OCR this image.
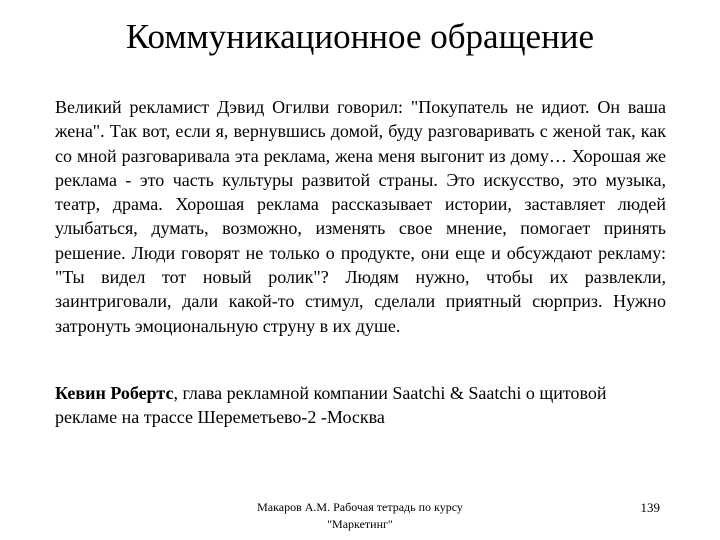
Коммуникационное обращение

Великий рекламист Дэвид Огилви говорил: "Покупатель не идиот. Он ваша жена". Так вот, если я, вернувшись домой, буду разговаривать с женой так, как со мной разговаривала эта реклама, жена меня выгонит из дому… Хорошая же реклама - это часть культуры развитой страны. Это искусство, это музыка, театр, драма. Хорошая реклама рассказывает истории, заставляет людей улыбаться, думать, возможно, изменять свое мнение, помогает принять решение. Люди говорят не только о продукте, они еще и обсуждают рекламу: "Ты видел тот новый ролик"? Людям нужно, чтобы их развлекли, заинтриговали, дали какой-то стимул, сделали приятный сюрприз. Нужно затронуть эмоциональную струну в их душе.

Кевин Робертс, глава рекламной компании Saatchi & Saatchi о щитовой рекламе на трассе Шереметьево-2 -Москва

Макаров А.М. Рабочая тетрадь по курсу "Маркетинг"

139
